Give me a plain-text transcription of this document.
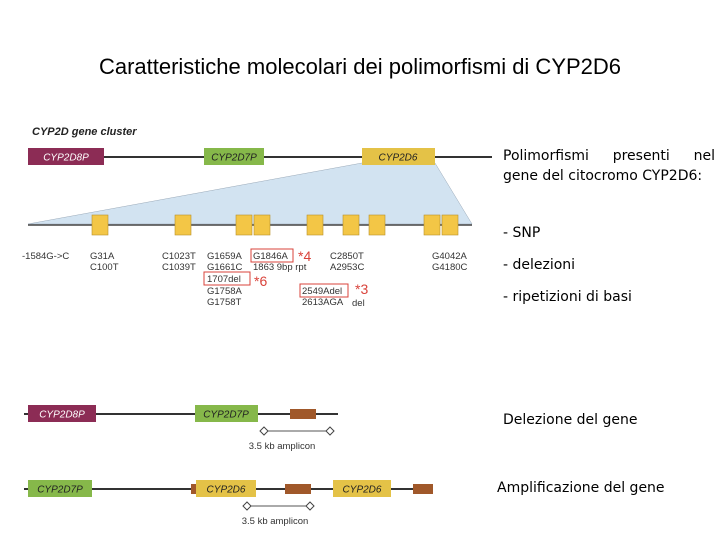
Caratteristiche molecolari dei polimorfismi di CYP2D6
CYP2D gene cluster
CYP2D8P	CYP2D7P	CYP2D6
-1584G->C G31A
C100T
C1023T
C1039T
G1659A
G1661C
G1758A
G1758T
1707del
G1846A
1863 9bp rpt
C2850T
A2953C
2549Adel
2613AGA del
G4042A
G4180C
*4
*6	*3
CYP2D8P	CYP2D7P
3.5 kb amplicon
CYP2D7P	CYP2D6	CYP2D6
3.5 kb amplicon
Polimorfismi presenti nel gene del citocromo CYP2D6:
- SNP
- delezioni
- ripetizioni di basi
Delezione del gene
Amplificazione del gene
